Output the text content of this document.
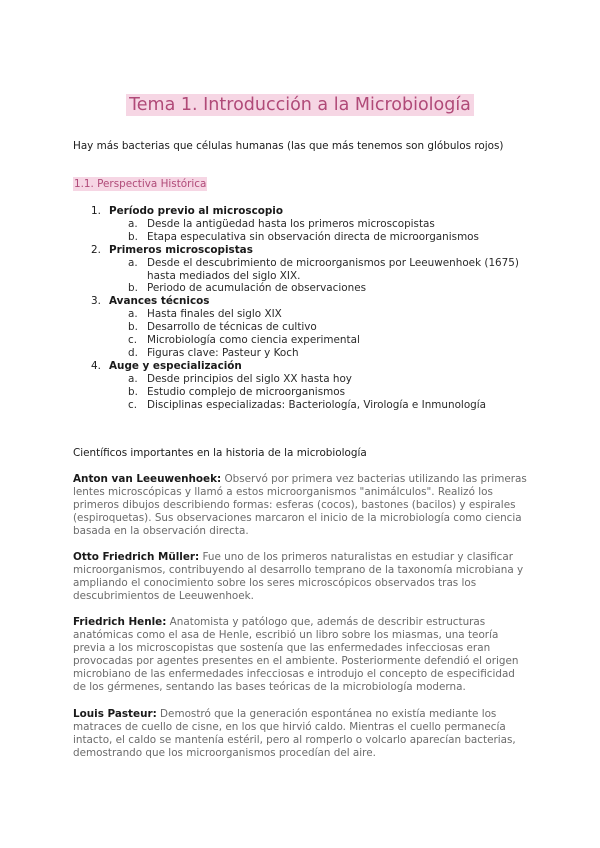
Tema 1. Introducción a la Microbiología
Hay más bacterias que células humanas (las que más tenemos son glóbulos rojos)
1.1. Perspectiva Histórica
1. Período previo al microscopio
a. Desde la antigüedad hasta los primeros microscopistas
b. Etapa especulativa sin observación directa de microorganismos
2. Primeros microscopistas
a. Desde el descubrimiento de microorganismos por Leeuwenhoek (1675) hasta mediados del siglo XIX.
b. Periodo de acumulación de observaciones
3. Avances técnicos
a. Hasta finales del siglo XIX
b. Desarrollo de técnicas de cultivo
c. Microbiología como ciencia experimental
d. Figuras clave: Pasteur y Koch
4. Auge y especialización
a. Desde principios del siglo XX hasta hoy
b. Estudio complejo de microorganismos
c. Disciplinas especializadas: Bacteriología, Virología e Inmunología
Científicos importantes en la historia de la microbiología
Anton van Leeuwenhoek: Observó por primera vez bacterias utilizando las primeras lentes microscópicas y llamó a estos microorganismos "animálculos". Realizó los primeros dibujos describiendo formas: esferas (cocos), bastones (bacilos) y espirales (espiroquetas). Sus observaciones marcaron el inicio de la microbiología como ciencia basada en la observación directa.
Otto Friedrich Müller: Fue uno de los primeros naturalistas en estudiar y clasificar microorganismos, contribuyendo al desarrollo temprano de la taxonomía microbiana y ampliando el conocimiento sobre los seres microscópicos observados tras los descubrimientos de Leeuwenhoek.
Friedrich Henle: Anatomista y patólogo que, además de describir estructuras anatómicas como el asa de Henle, escribió un libro sobre los miasmas, una teoría previa a los microscopistas que sostenía que las enfermedades infecciosas eran provocadas por agentes presentes en el ambiente. Posteriormente defendió el origen microbiano de las enfermedades infecciosas e introdujo el concepto de especificidad de los gérmenes, sentando las bases teóricas de la microbiología moderna.
Louis Pasteur: Demostró que la generación espontánea no existía mediante los matraces de cuello de cisne, en los que hirvió caldo. Mientras el cuello permanecía intacto, el caldo se mantenía estéril, pero al romperlo o volcarlo aparecían bacterias, demostrando que los microorganismos procedían del aire.
